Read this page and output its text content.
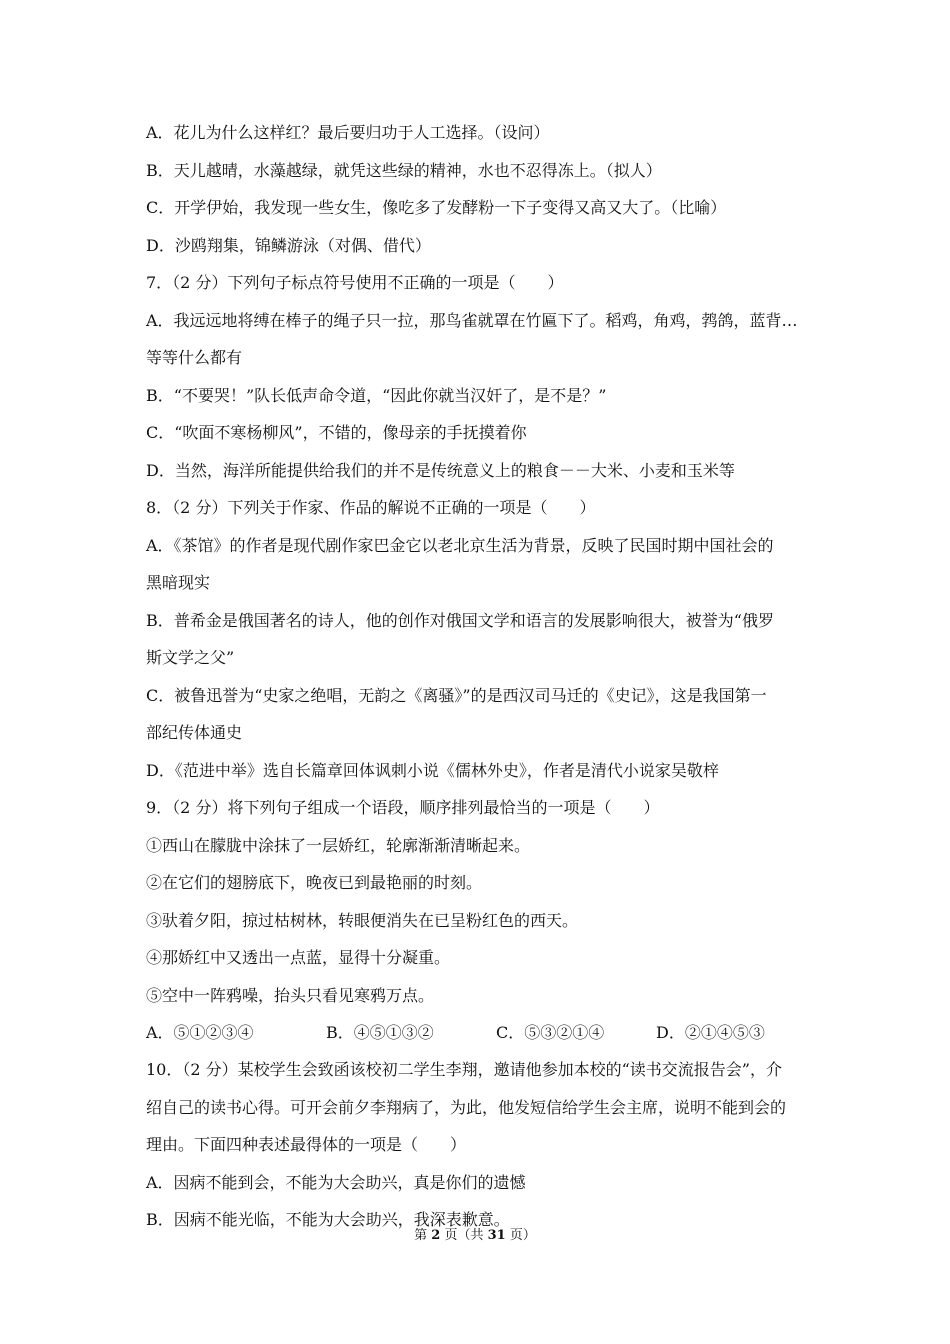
A．花儿为什么这样红？最后要归功于人工选择。（设问）
B．天儿越晴，水藻越绿，就凭这些绿的精神，水也不忍得冻上。（拟人）
C．开学伊始，我发现一些女生，像吃多了发酵粉一下子变得又高又大了。（比喻）
D．沙鸥翔集，锦鳞游泳（对偶、借代）
7．（2 分）下列句子标点符号使用不正确的一项是（　　）
A．我远远地将缚在棒子的绳子只一拉，那鸟雀就罩在竹匾下了。稻鸡，角鸡，鹁鸽，蓝背…
等等什么都有
B．“不要哭！”队长低声命令道，“因此你就当汉奸了，是不是？”
C．“吹面不寒杨柳风”，不错的，像母亲的手抚摸着你
D．当然，海洋所能提供给我们的并不是传统意义上的粮食－－大米、小麦和玉米等
8．（2 分）下列关于作家、作品的解说不正确的一项是（　　）
A．《茶馆》的作者是现代剧作家巴金它以老北京生活为背景，反映了民国时期中国社会的
黑暗现实
B．普希金是俄国著名的诗人，他的创作对俄国文学和语言的发展影响很大，被誉为“俄罗
斯文学之父”
C．被鲁迅誉为“史家之绝唱，无韵之《离骚》”的是西汉司马迁的《史记》，这是我国第一
部纪传体通史
D．《范进中举》选自长篇章回体讽刺小说《儒林外史》，作者是清代小说家吴敬梓
9．（2 分）将下列句子组成一个语段，顺序排列最恰当的一项是（　　）
①西山在朦胧中涂抹了一层娇红，轮廓渐渐清晰起来。
②在它们的翅膀底下，晚夜已到最艳丽的时刻。
③驮着夕阳，掠过枯树林，转眼便消失在已呈粉红色的西天。
④那娇红中又透出一点蓝，显得十分凝重。
⑤空中一阵鸦噪，抬头只看见寒鸦万点。
A．⑤①②③④	B．④⑤①③②	C．⑤③②①④	D．②①④⑤③
10．（2 分）某校学生会致函该校初二学生李翔，邀请他参加本校的“读书交流报告会”，介
绍自己的读书心得。可开会前夕李翔病了，为此，他发短信给学生会主席，说明不能到会的
理由。下面四种表述最得体的一项是（　　）
A．因病不能到会，不能为大会助兴，真是你们的遗憾
B．因病不能光临，不能为大会助兴，我深表歉意。
第 2 页（共 31 页）
